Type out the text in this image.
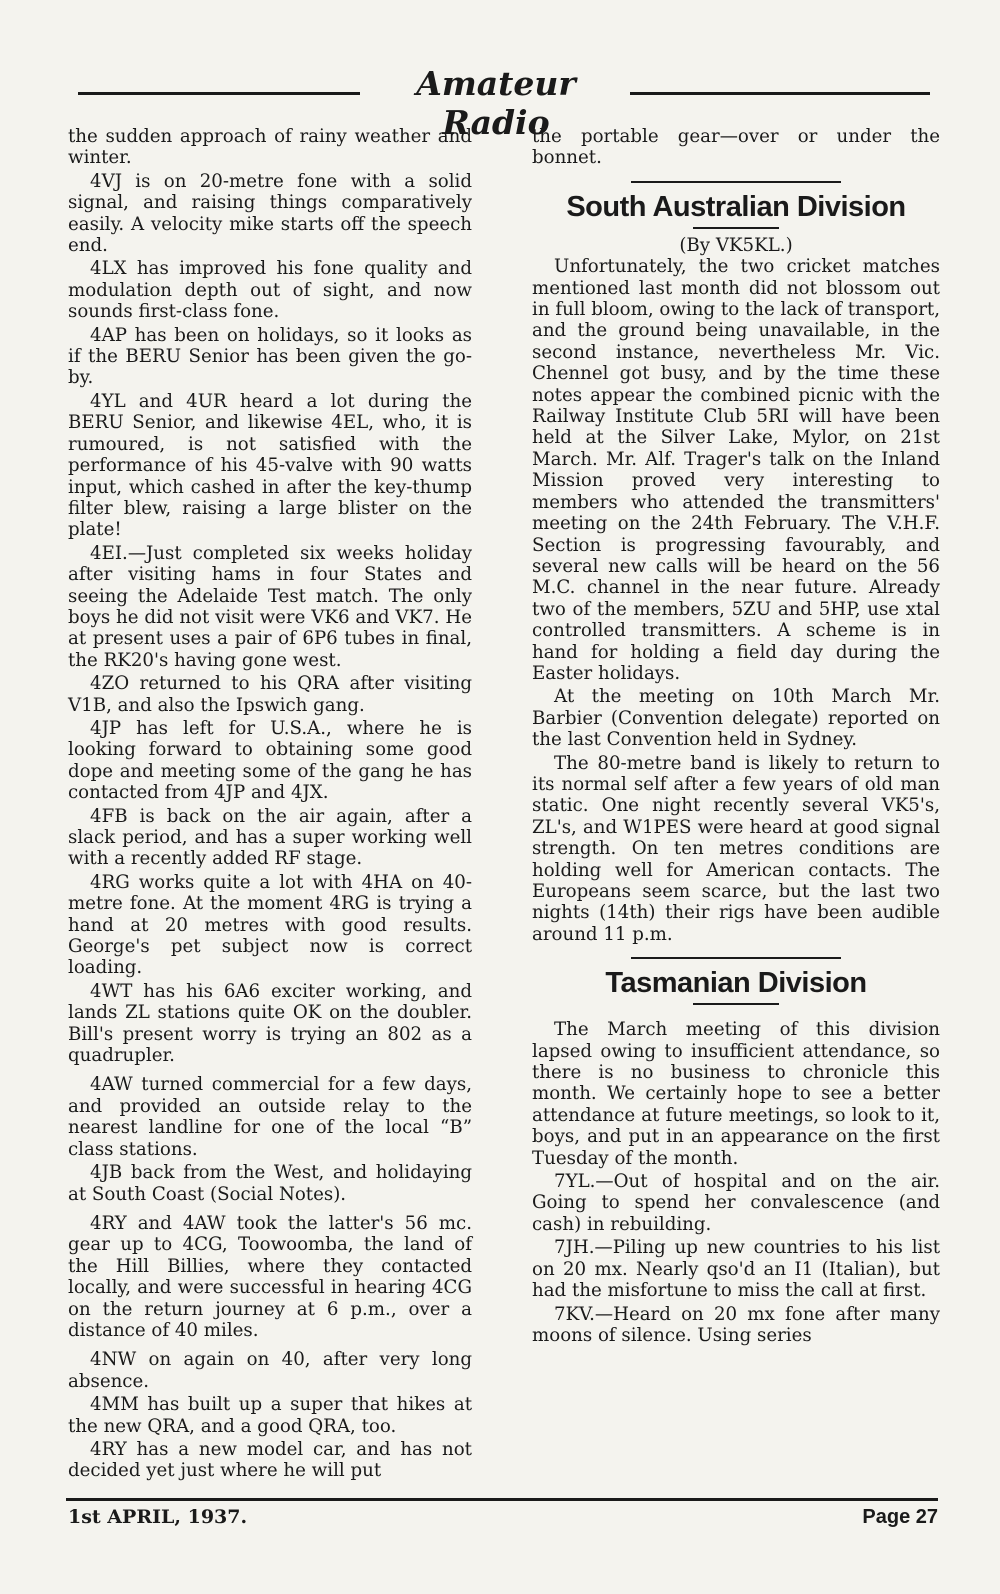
Amateur Radio

the sudden approach of rainy weather and winter.

4VJ is on 20-metre fone with a solid signal, and raising things comparatively easily. A velocity mike starts off the speech end.

4LX has improved his fone quality and modulation depth out of sight, and now sounds first-class fone.

4AP has been on holidays, so it looks as if the BERU Senior has been given the go-by.

4YL and 4UR heard a lot during the BERU Senior, and likewise 4EL, who, it is rumoured, is not satisfied with the performance of his 45-valve with 90 watts input, which cashed in after the key-thump filter blew, raising a large blister on the plate!

4EI.—Just completed six weeks holiday after visiting hams in four States and seeing the Adelaide Test match. The only boys he did not visit were VK6 and VK7. He at present uses a pair of 6P6 tubes in final, the RK20's having gone west.

4ZO returned to his QRA after visiting V1B, and also the Ipswich gang.

4JP has left for U.S.A., where he is looking forward to obtaining some good dope and meeting some of the gang he has contacted from 4JP and 4JX.

4FB is back on the air again, after a slack period, and has a super working well with a recently added RF stage.

4RG works quite a lot with 4HA on 40-metre fone. At the moment 4RG is trying a hand at 20 metres with good results. George's pet subject now is correct loading.

4WT has his 6A6 exciter working, and lands ZL stations quite OK on the doubler. Bill's present worry is trying an 802 as a quadrupler.

4AW turned commercial for a few days, and provided an outside relay to the nearest landline for one of the local “B” class stations.

4JB back from the West, and holidaying at South Coast (Social Notes).

4RY and 4AW took the latter's 56 mc. gear up to 4CG, Toowoomba, the land of the Hill Billies, where they contacted locally, and were successful in hearing 4CG on the return journey at 6 p.m., over a distance of 40 miles.

4NW on again on 40, after very long absence.

4MM has built up a super that hikes at the new QRA, and a good QRA, too.

4RY has a new model car, and has not decided yet just where he will put

the portable gear—over or under the bonnet.

South Australian Division
(By VK5KL.)

Unfortunately, the two cricket matches mentioned last month did not blossom out in full bloom, owing to the lack of transport, and the ground being unavailable, in the second instance, nevertheless Mr. Vic. Chennel got busy, and by the time these notes appear the combined picnic with the Railway Institute Club 5RI will have been held at the Silver Lake, Mylor, on 21st March. Mr. Alf. Trager's talk on the Inland Mission proved very interesting to members who attended the transmitters' meeting on the 24th February. The V.H.F. Section is progressing favourably, and several new calls will be heard on the 56 M.C. channel in the near future. Already two of the members, 5ZU and 5HP, use xtal controlled transmitters. A scheme is in hand for holding a field day during the Easter holidays.

At the meeting on 10th March Mr. Barbier (Convention delegate) reported on the last Convention held in Sydney.

The 80-metre band is likely to return to its normal self after a few years of old man static. One night recently several VK5's, ZL's, and W1PES were heard at good signal strength. On ten metres conditions are holding well for American contacts. The Europeans seem scarce, but the last two nights (14th) their rigs have been audible around 11 p.m.

Tasmanian Division

The March meeting of this division lapsed owing to insufficient attendance, so there is no business to chronicle this month. We certainly hope to see a better attendance at future meetings, so look to it, boys, and put in an appearance on the first Tuesday of the month.

7YL.—Out of hospital and on the air. Going to spend her convalescence (and cash) in rebuilding.

7JH.—Piling up new countries to his list on 20 mx. Nearly qso'd an I1 (Italian), but had the misfortune to miss the call at first.

7KV.—Heard on 20 mx fone after many moons of silence. Using series

1st APRIL, 1937.	Page 27
